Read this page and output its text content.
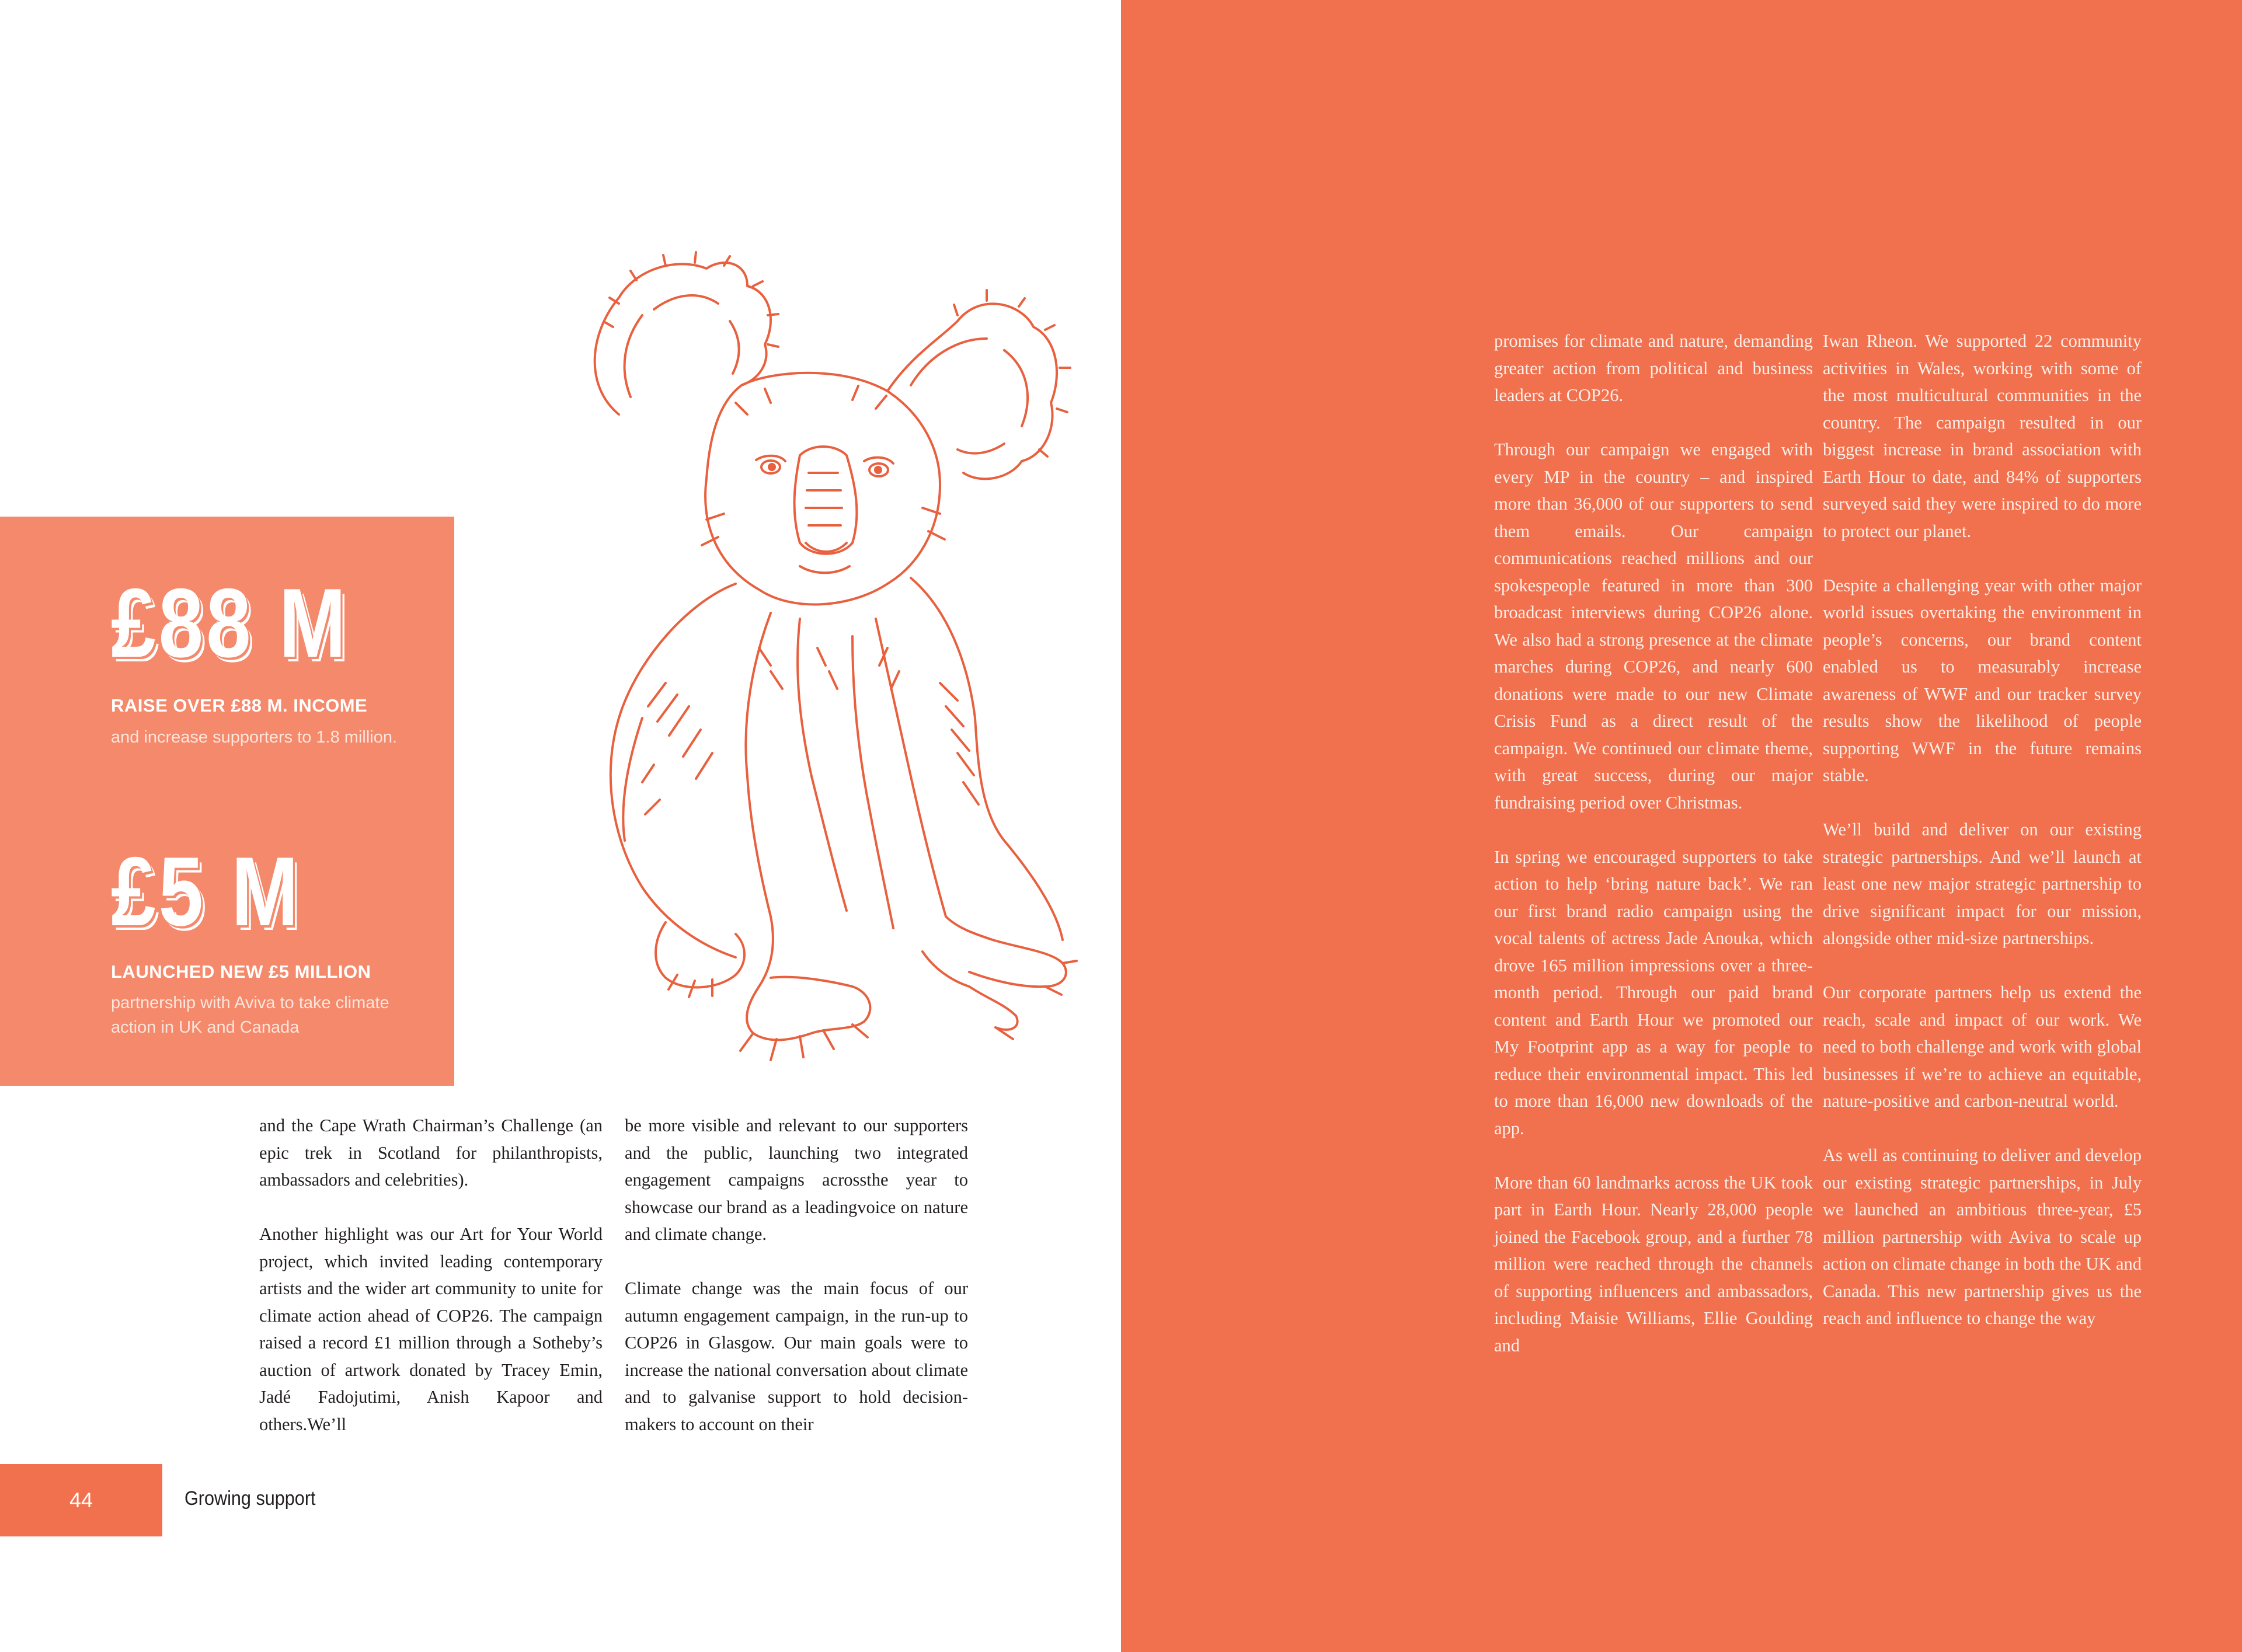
£88 M
RAISE OVER £88 M. INCOME
and increase supporters to 1.8 million.
£5 M
LAUNCHED NEW £5 MILLION
partnership with Aviva to take climate action in UK and Canada

and the Cape Wrath Chairman’s Challenge (an epic trek in Scotland for philanthropists, ambassadors and celebrities).

Another highlight was our Art for Your World project, which invited leading contemporary artists and the wider art community to unite for climate action ahead of COP26. The campaign raised a record £1 million through a Sotheby’s auction of artwork donated by Tracey Emin, Jadé Fadojutimi, Anish Kapoor and others.We’ll

be more visible and relevant to our supporters and the public, launching two integrated engagement campaigns acrossthe year to showcase our brand as a leadingvoice on nature and climate change.

Climate change was the main focus of our autumn engagement campaign, in the run-up to COP26 in Glasgow. Our main goals were to increase the national conversation about climate and to galvanise support to hold decision-makers to account on their

44	Growing support

promises for climate and nature, demanding greater action from political and business leaders at COP26.

Through our campaign we engaged with every MP in the country – and inspired more than 36,000 of our supporters to send them emails. Our campaign communications reached millions and our spokespeople featured in more than 300 broadcast interviews during COP26 alone. We also had a strong presence at the climate marches during COP26, and nearly 600 donations were made to our new Climate Crisis Fund as a direct result of the campaign. We continued our climate theme, with great success, during our major fundraising period over Christmas.

In spring we encouraged supporters to take action to help ‘bring nature back’. We ran our first brand radio campaign using the vocal talents of actress Jade Anouka, which drove 165 million impressions over a three-month period. Through our paid brand content and Earth Hour we promoted our My Footprint app as a way for people to reduce their environmental impact. This led to more than 16,000 new downloads of the app.

More than 60 landmarks across the UK took part in Earth Hour. Nearly 28,000 people joined the Facebook group, and a further 78 million were reached through the channels of supporting influencers and ambassadors, including Maisie Williams, Ellie Goulding and

Iwan Rheon. We supported 22 community activities in Wales, working with some of the most multicultural communities in the country. The campaign resulted in our biggest increase in brand association with Earth Hour to date, and 84% of supporters surveyed said they were inspired to do more to protect our planet.

Despite a challenging year with other major world issues overtaking the environment in people’s concerns, our brand content enabled us to measurably increase awareness of WWF and our tracker survey results show the likelihood of people supporting WWF in the future remains stable.

We’ll build and deliver on our existing strategic partnerships. And we’ll launch at least one new major strategic partnership to drive significant impact for our mission, alongside other mid-size partnerships.

Our corporate partners help us extend the reach, scale and impact of our work. We need to both challenge and work with global businesses if we’re to achieve an equitable, nature-positive and carbon-neutral world.

As well as continuing to deliver and develop our existing strategic partnerships, in July we launched an ambitious three-year, £5 million partnership with Aviva to scale up action on climate change in both the UK and Canada. This new partnership gives us the reach and influence to change the way
